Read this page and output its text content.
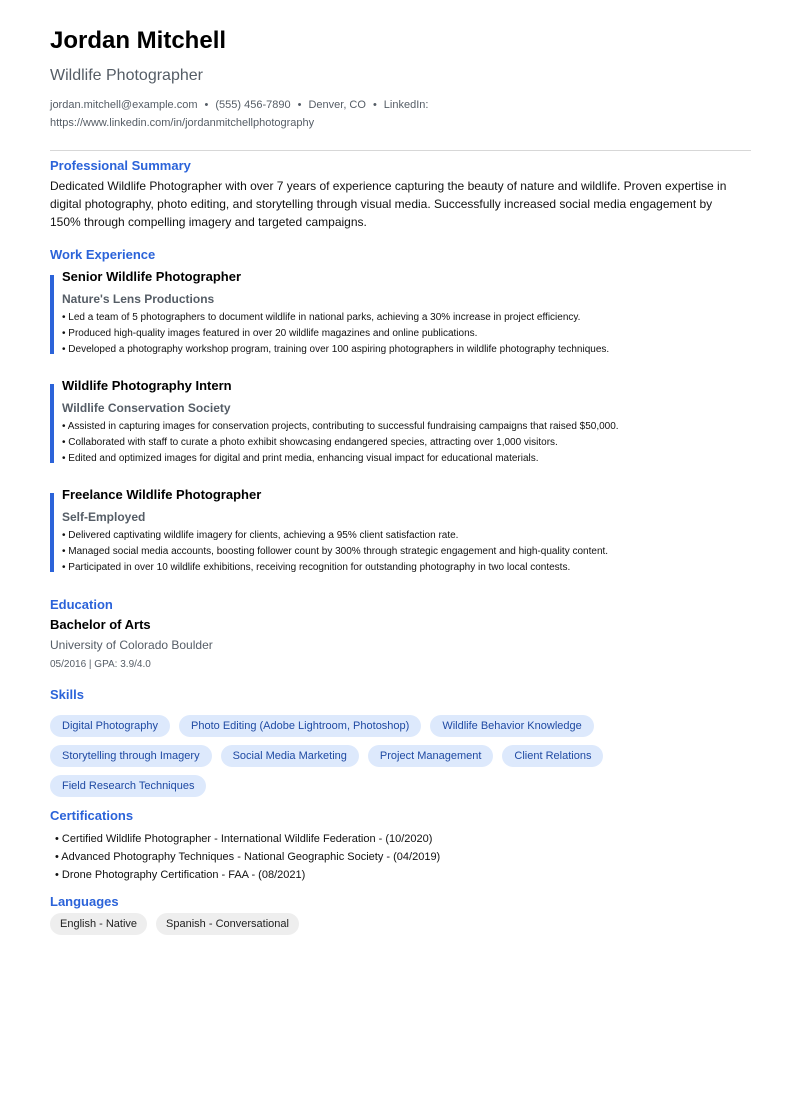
Jordan Mitchell
Wildlife Photographer
jordan.mitchell@example.com • (555) 456-7890 • Denver, CO • LinkedIn: https://www.linkedin.com/in/jordanmitchellphotography
Professional Summary
Dedicated Wildlife Photographer with over 7 years of experience capturing the beauty of nature and wildlife. Proven expertise in digital photography, photo editing, and storytelling through visual media. Successfully increased social media engagement by 150% through compelling imagery and targeted campaigns.
Work Experience
Senior Wildlife Photographer
Nature's Lens Productions
• Led a team of 5 photographers to document wildlife in national parks, achieving a 30% increase in project efficiency.
• Produced high-quality images featured in over 20 wildlife magazines and online publications.
• Developed a photography workshop program, training over 100 aspiring photographers in wildlife photography techniques.
Wildlife Photography Intern
Wildlife Conservation Society
• Assisted in capturing images for conservation projects, contributing to successful fundraising campaigns that raised $50,000.
• Collaborated with staff to curate a photo exhibit showcasing endangered species, attracting over 1,000 visitors.
• Edited and optimized images for digital and print media, enhancing visual impact for educational materials.
Freelance Wildlife Photographer
Self-Employed
• Delivered captivating wildlife imagery for clients, achieving a 95% client satisfaction rate.
• Managed social media accounts, boosting follower count by 300% through strategic engagement and high-quality content.
• Participated in over 10 wildlife exhibitions, receiving recognition for outstanding photography in two local contests.
Education
Bachelor of Arts
University of Colorado Boulder
05/2016 | GPA: 3.9/4.0
Skills
Digital Photography	Photo Editing (Adobe Lightroom, Photoshop)	Wildlife Behavior Knowledge
Storytelling through Imagery	Social Media Marketing	Project Management	Client Relations
Field Research Techniques
Certifications
• Certified Wildlife Photographer - International Wildlife Federation - (10/2020)
• Advanced Photography Techniques - National Geographic Society - (04/2019)
• Drone Photography Certification - FAA - (08/2021)
Languages
English - Native	Spanish - Conversational
